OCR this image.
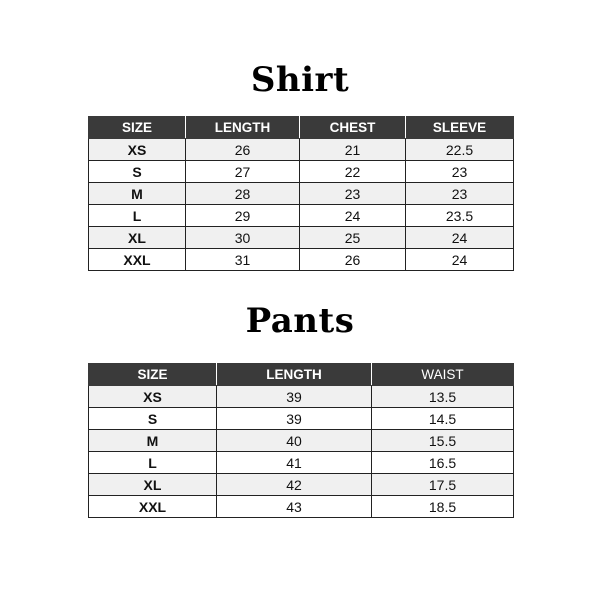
Shirt
SIZE	LENGTH	CHEST	SLEEVE
XS	26	21	22.5
S	27	22	23
M	28	23	23
L	29	24	23.5
XL	30	25	24
XXL	31	26	24
Pants
SIZE	LENGTH	WAIST
XS	39	13.5
S	39	14.5
M	40	15.5
L	41	16.5
XL	42	17.5
XXL	43	18.5
